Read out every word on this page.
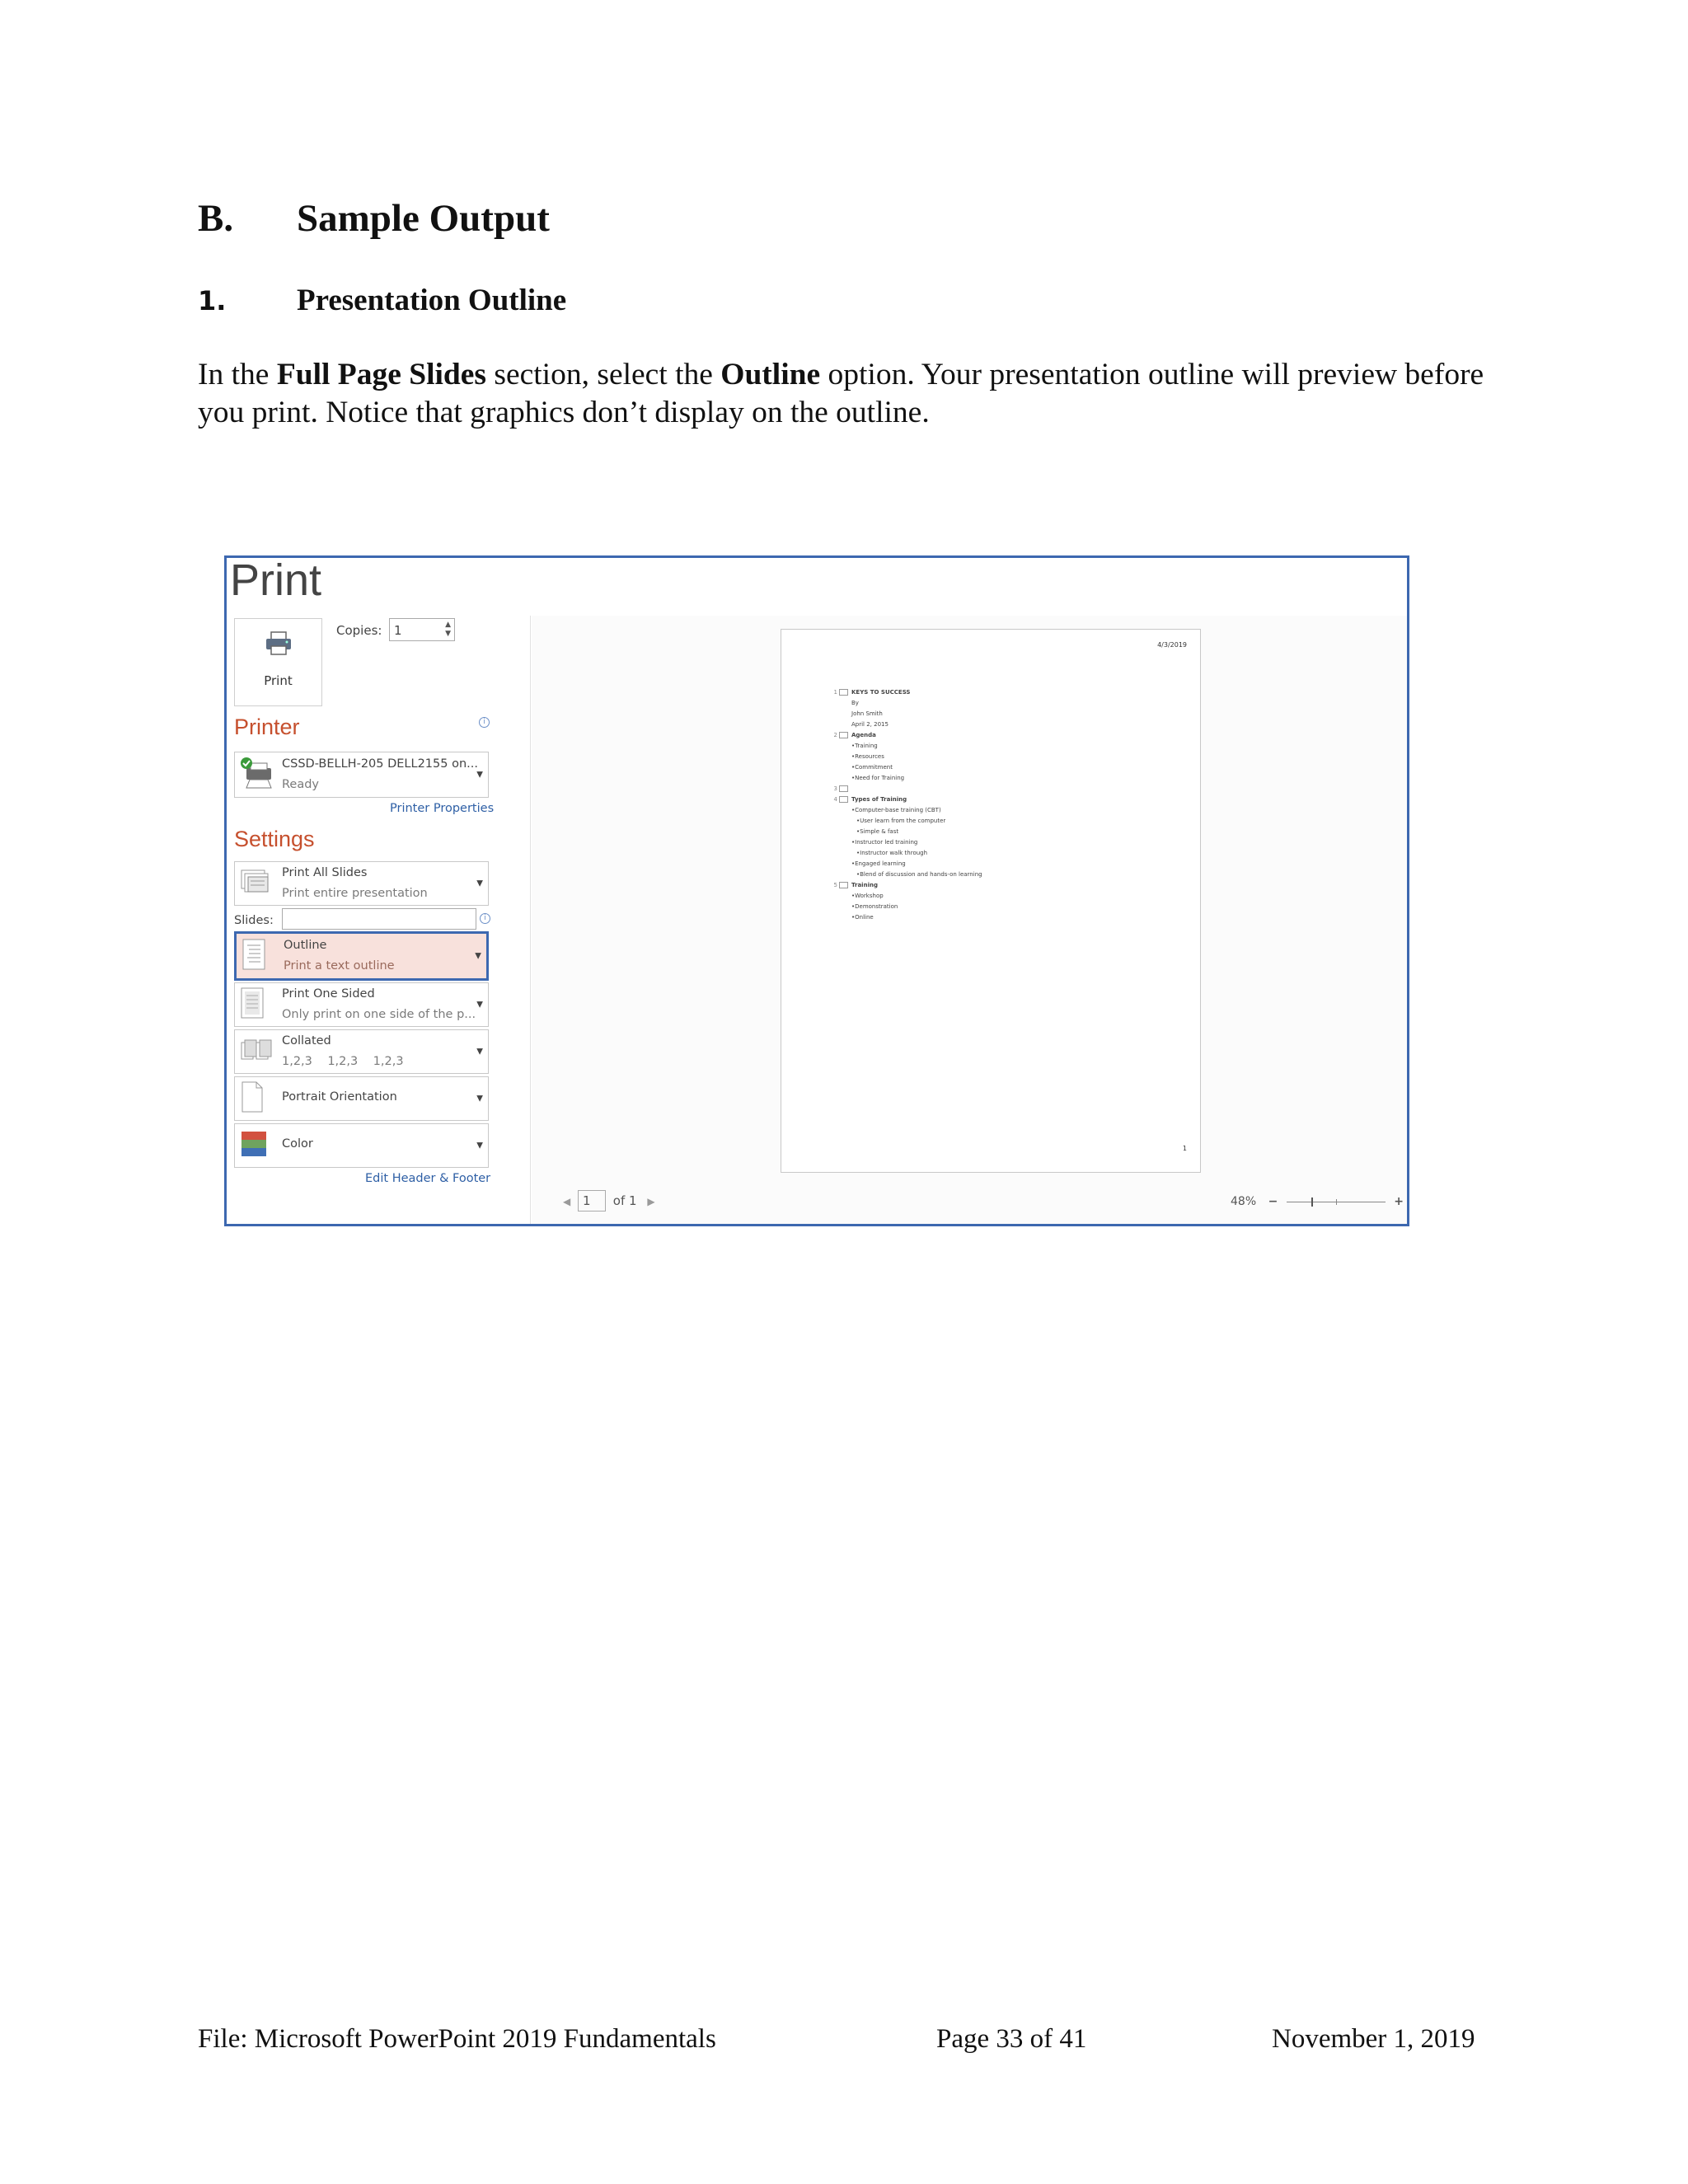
B. Sample Output
1. Presentation Outline

In the Full Page Slides section, select the Outline option. Your presentation outline will preview before you print. Notice that graphics don’t display on the outline.

Print
Print
Copies: 1	▲
▼
Printer	i
CSSD-BELLH-205 DELL2155 on...
Ready
▼
Printer Properties
Settings
Print All Slides
Print entire presentation
▼
Slides:	i
Outline
Print a text outline
▼
Print One Sided
Only print on one side of the p...
▼
Collated
1,2,3    1,2,3    1,2,3
▼
Portrait Orientation	▼
Color	▼
Edit Header & Footer
4/3/2019
1 KEYS TO SUCCESS
By
John Smith
April 2, 2015
2 Agenda
•Training
•Resources
•Commitment
•Need for Training
3
4 Types of Training
•Computer-base training (CBT)
•User learn from the computer
•Simple & fast
•Instructor led training
•Instructor walk through
•Engaged learning
•Blend of discussion and hands-on learning
5 Training
•Workshop
•Demonstration
•Online
1
◀ 1 of 1 ▶	48% −	+
File: Microsoft PowerPoint 2019 Fundamentals	Page 33 of 41	November 1, 2019
